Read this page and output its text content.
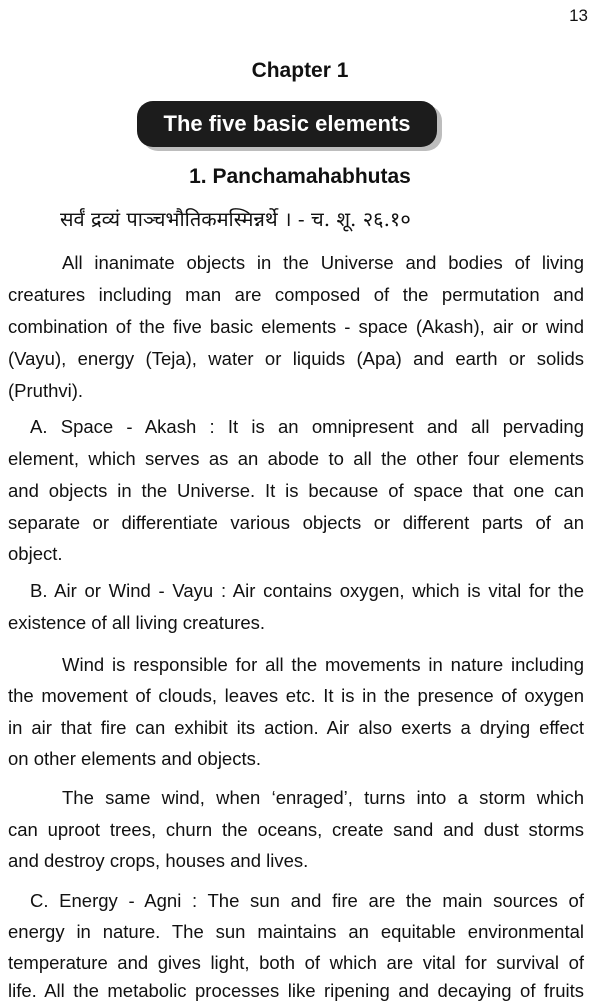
13
Chapter 1
The five basic elements
1. Panchamahabhutas
सर्वं द्रव्यं पाञ्चभौतिकमस्मिन्नर्थे । - च. शू. २६.१०
All inanimate objects in the Universe and bodies of living
creatures including man are composed of the permutation and
combination of the five basic elements - space (Akash), air or wind
(Vayu), energy (Teja), water or liquids (Apa) and earth or solids
(Pruthvi).
A. Space - Akash : It is an omnipresent and all pervading
element, which serves as an abode to all the other four elements
and objects in the Universe. It is because of space that one can
separate or differentiate various objects or different parts of an
object.
B. Air or Wind - Vayu : Air contains oxygen, which is vital for the
existence of all living creatures.
Wind is responsible for all the movements in nature including
the movement of clouds, leaves etc. It is in the presence of oxygen
in air that fire can exhibit its action. Air also exerts a drying effect
on other elements and objects.
The same wind, when ‘enraged’, turns into a storm which
can uproot trees, churn the oceans, create sand and dust storms
and destroy crops, houses and lives.
C. Energy - Agni : The sun and fire are the main sources of
energy in nature. The sun maintains an equitable environmental
temperature and gives light, both of which are vital for survival of
life. All the metabolic processes like ripening and decaying of fruits
